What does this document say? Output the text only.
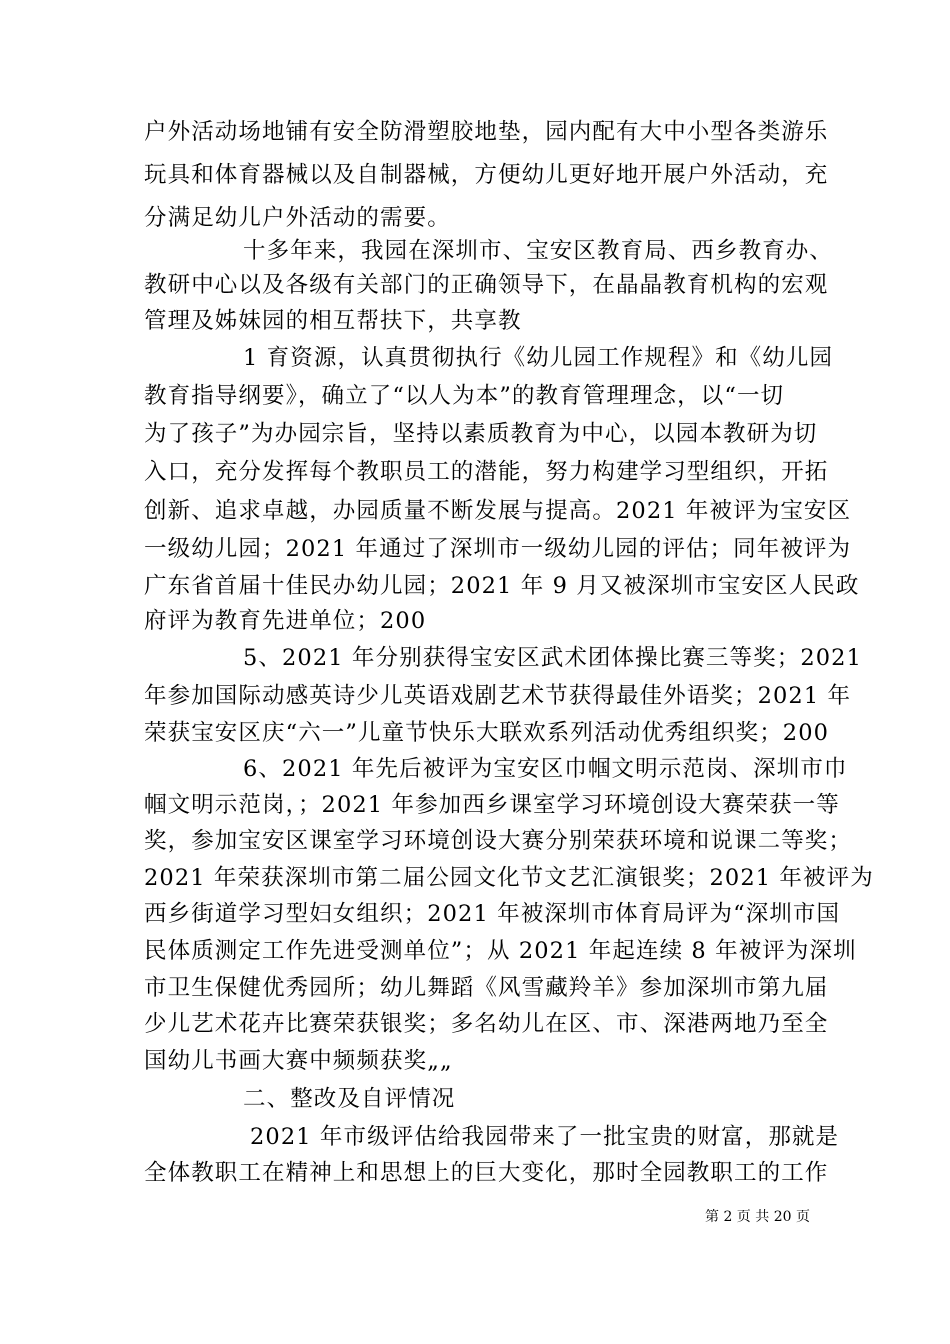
户外活动场地铺有安全防滑塑胶地垫，园内配有大中小型各类游乐
玩具和体育器械以及自制器械，方便幼儿更好地开展户外活动，充
分满足幼儿户外活动的需要。
十多年来，我园在深圳市、宝安区教育局、西乡教育办、
教研中心以及各级有关部门的正确领导下，在晶晶教育机构的宏观
管理及姊妹园的相互帮扶下，共享教
1 育资源，认真贯彻执行《幼儿园工作规程》和《幼儿园
教育指导纲要》，确立了“以人为本”的教育管理理念，以“一切
为了孩子”为办园宗旨，坚持以素质教育为中心，以园本教研为切
入口，充分发挥每个教职员工的潜能，努力构建学习型组织，开拓
创新、追求卓越，办园质量不断发展与提高。2021 年被评为宝安区
一级幼儿园；2021 年通过了深圳市一级幼儿园的评估；同年被评为
广东省首届十佳民办幼儿园；2021 年 9 月又被深圳市宝安区人民政
府评为教育先进单位；200
5、2021 年分别获得宝安区武术团体操比赛三等奖；2021
年参加国际动感英诗少儿英语戏剧艺术节获得最佳外语奖；2021 年
荣获宝安区庆“六一”儿童节快乐大联欢系列活动优秀组织奖；200
6、2021 年先后被评为宝安区巾帼文明示范岗、深圳市巾
帼文明示范岗，；2021 年参加西乡课室学习环境创设大赛荣获一等
奖，参加宝安区课室学习环境创设大赛分别荣获环境和说课二等奖；
2021 年荣获深圳市第二届公园文化节文艺汇演银奖；2021 年被评为
西乡街道学习型妇女组织；2021 年被深圳市体育局评为“深圳市国
民体质测定工作先进受测单位”；从 2021 年起连续 8 年被评为深圳
市卫生保健优秀园所；幼儿舞蹈《风雪藏羚羊》参加深圳市第九届
少儿艺术花卉比赛荣获银奖；多名幼儿在区、市、深港两地乃至全
国幼儿书画大赛中频频获奖„„
二、整改及自评情况
2021 年市级评估给我园带来了一批宝贵的财富，那就是
全体教职工在精神上和思想上的巨大变化，那时全园教职工的工作
第 2 页 共 20 页
